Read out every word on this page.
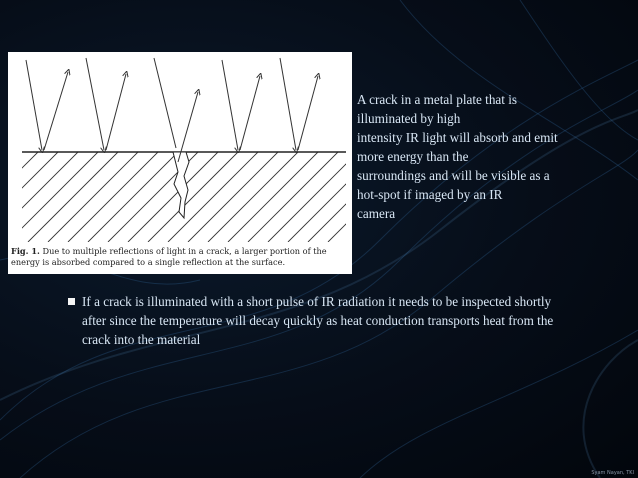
Fig. 1. Due to multiple reflections of light in a crack, a larger portion of the energy is absorbed compared to a single reflection at the surface.
A crack in a metal plate that is
illuminated by high
intensity IR light will absorb and emit
more energy than the
surroundings and will be visible as a
hot-spot if imaged by an IR
camera
If a crack is illuminated with a short pulse of IR radiation it needs to be inspected shortly after since the temperature will decay quickly as heat conduction transports heat from the crack into the material
Syam Nayan, TKI
